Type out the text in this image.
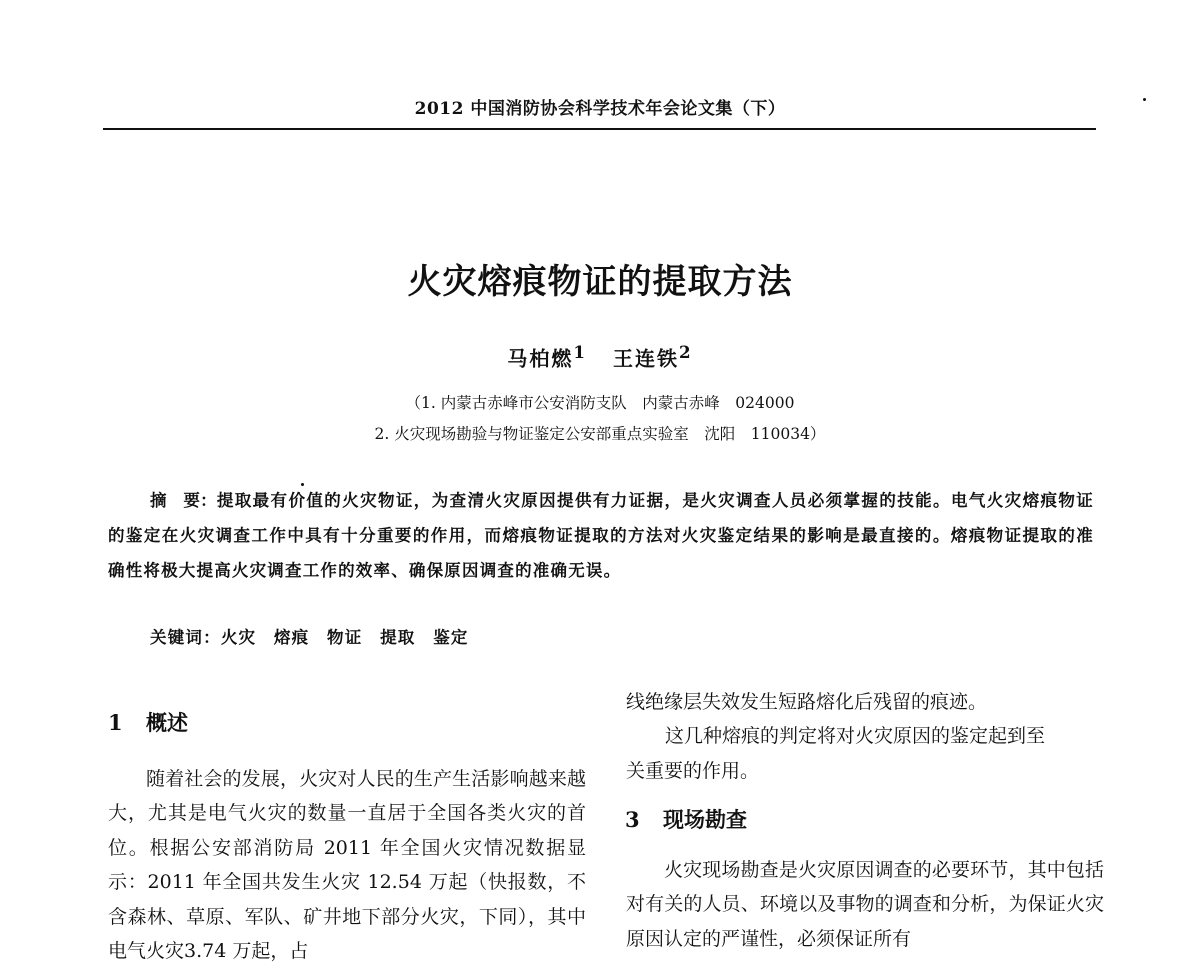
2012 中国消防协会科学技术年会论文集（下）
火灾熔痕物证的提取方法
马柏燃$^1$ 王连铁$^2$
（1. 内蒙古赤峰市公安消防支队　内蒙古赤峰　024000
2. 火灾现场勘验与物证鉴定公安部重点实验室　沈阳　110034）
摘　要：提取最有价值的火灾物证，为查清火灾原因提供有力证据，是火灾调查人员必须掌握的技能。电气火灾熔痕物证的鉴定在火灾调查工作中具有十分重要的作用，而熔痕物证提取的方法对火灾鉴定结果的影响是最直接的。熔痕物证提取的准确性将极大提高火灾调查工作的效率、确保原因调查的准确无误。
关键词：火灾　熔痕　物证　提取　鉴定
1 概述
随着社会的发展，火灾对人民的生产生活影响越来越大，尤其是电气火灾的数量一直居于全国各类火灾的首位。根据公安部消防局 2011 年全国火灾情况数据显示：2011 年全国共发生火灾 12.54 万起（快报数，不含森林、草原、军队、矿井地下部分火灾，下同），其中电气火灾3.74 万起，占
线绝缘层失效发生短路熔化后残留的痕迹。
这几种熔痕的判定将对火灾原因的鉴定起到至
关重要的作用。
3 现场勘查
火灾现场勘查是火灾原因调查的必要环节，其中包括对有关的人员、环境以及事物的调查和分析，为保证火灾原因认定的严谨性，必须保证所有
